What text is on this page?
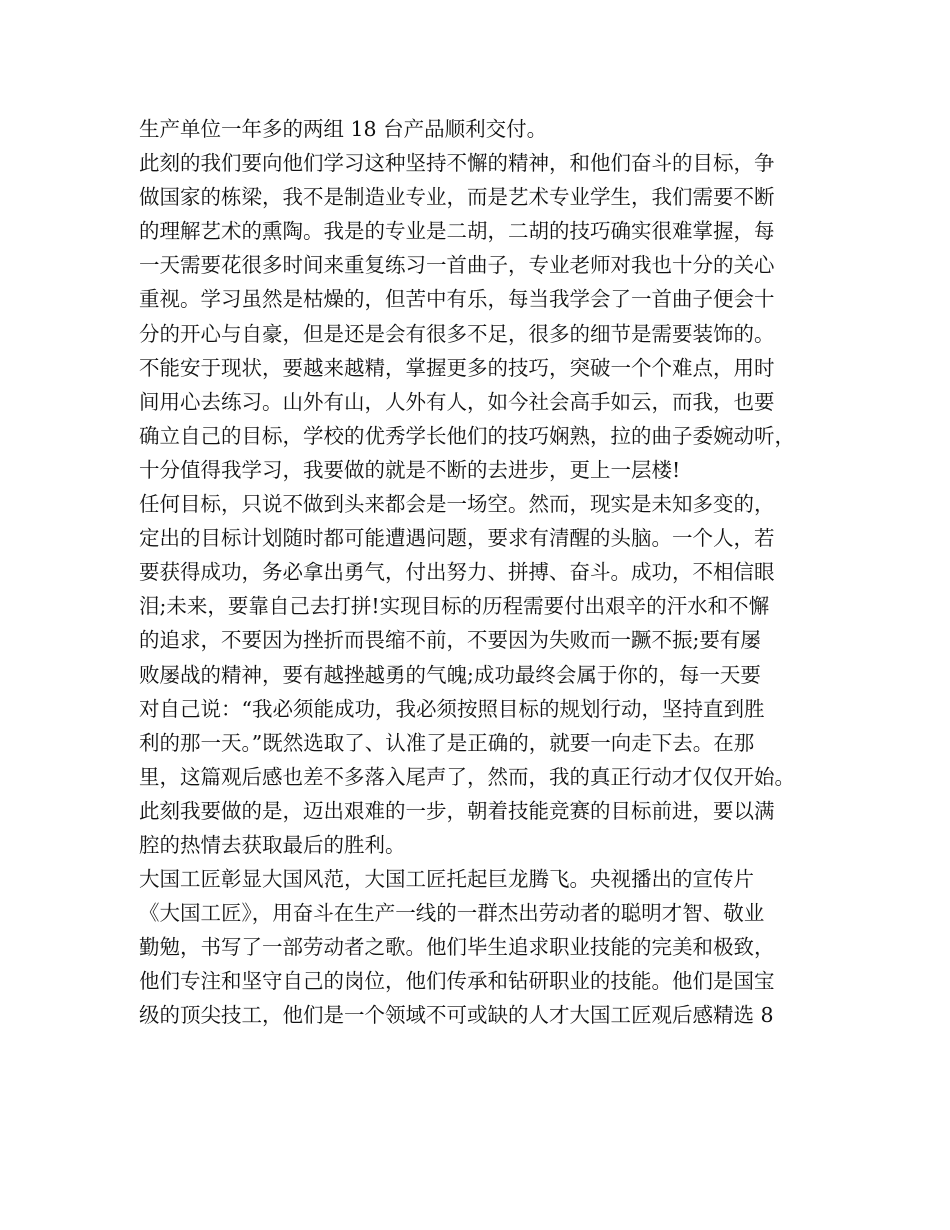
生产单位一年多的两组 18 台产品顺利交付。
此刻的我们要向他们学习这种坚持不懈的精神，和他们奋斗的目标，争
做国家的栋梁，我不是制造业专业，而是艺术专业学生，我们需要不断
的理解艺术的熏陶。我是的专业是二胡，二胡的技巧确实很难掌握，每
一天需要花很多时间来重复练习一首曲子，专业老师对我也十分的关心
重视。学习虽然是枯燥的，但苦中有乐，每当我学会了一首曲子便会十
分的开心与自豪，但是还是会有很多不足，很多的细节是需要装饰的。
不能安于现状，要越来越精，掌握更多的技巧，突破一个个难点，用时
间用心去练习。山外有山，人外有人，如今社会高手如云，而我，也要
确立自己的目标，学校的优秀学长他们的技巧娴熟，拉的曲子委婉动听，
十分值得我学习，我要做的就是不断的去进步，更上一层楼!
任何目标，只说不做到头来都会是一场空。然而，现实是未知多变的，
定出的目标计划随时都可能遭遇问题，要求有清醒的头脑。一个人，若
要获得成功，务必拿出勇气，付出努力、拼搏、奋斗。成功，不相信眼
泪;未来，要靠自己去打拼!实现目标的历程需要付出艰辛的汗水和不懈
的追求，不要因为挫折而畏缩不前，不要因为失败而一蹶不振;要有屡
败屡战的精神，要有越挫越勇的气魄;成功最终会属于你的，每一天要
对自己说：“我必须能成功，我必须按照目标的规划行动，坚持直到胜
利的那一天。”既然选取了、认准了是正确的，就要一向走下去。在那
里，这篇观后感也差不多落入尾声了，然而，我的真正行动才仅仅开始。
此刻我要做的是，迈出艰难的一步，朝着技能竞赛的目标前进，要以满
腔的热情去获取最后的胜利。
大国工匠彰显大国风范，大国工匠托起巨龙腾飞。央视播出的宣传片
《大国工匠》，用奋斗在生产一线的一群杰出劳动者的聪明才智、敬业
勤勉，书写了一部劳动者之歌。他们毕生追求职业技能的完美和极致，
他们专注和坚守自己的岗位，他们传承和钻研职业的技能。他们是国宝
级的顶尖技工，他们是一个领域不可或缺的人才大国工匠观后感精选 8
